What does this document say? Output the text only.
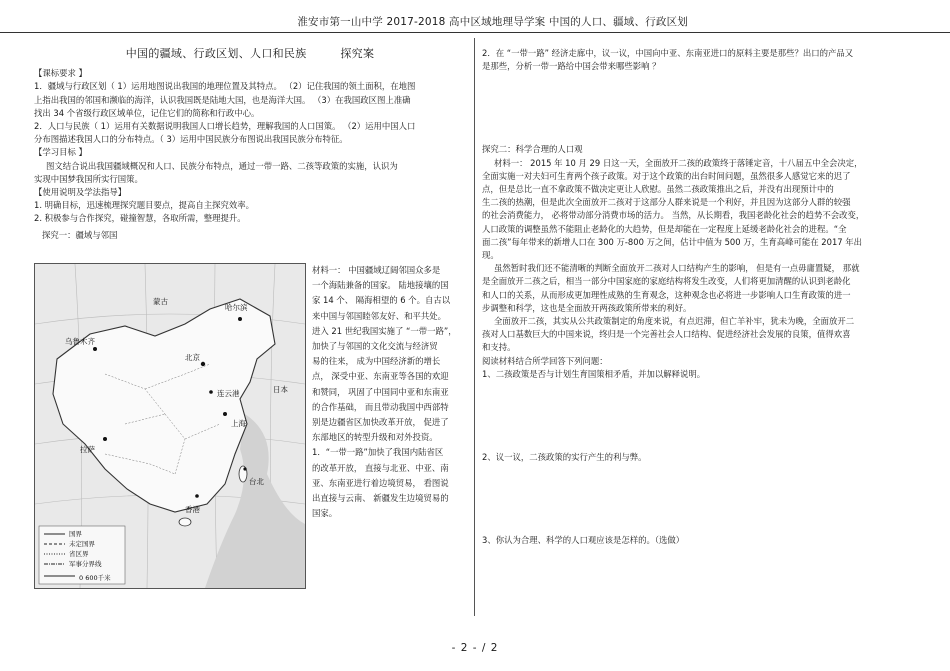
淮安市第一山中学 2017-2018 高中区域地理导学案 中国的人口、疆域、行政区划

中国的疆域、行政区划、人口和民族	探究案

【课标要求 】

1．疆域与行政区划（ 1）运用地图说出我国的地理位置及其特点。 （2）记住我国的领土面积，在地图

上指出我国的邻国和濒临的海洋，认识我国既是陆地大国，也是海洋大国。 （3）在我国政区图上准确

找出 34 个省级行政区域单位，记住它们的简称和行政中心。

2．人口与民族（ 1）运用有关数据说明我国人口增长趋势，理解我国的人口国策。 （2）运用中国人口

分布图描述我国人口的分布特点。（ 3）运用中国民族分布图说出我国民族分布特征。

【学习目标 】

图文结合说出我国疆域概况和人口、民族分布特点，通过一带一路、二孩等政策的实施，认识为

实现中国梦我国所实行国策。

【使用说明及学法指导】

1. 明确目标，迅速梳理探究题目要点，提高自主探究效率。

2. 积极参与合作探究，碰撞智慧，各取所需，整理提升。

探究一：疆域与邻国

乌鲁木齐
哈尔滨
北京
拉萨
上海
香港
连云港
台北
日本
蒙古
国界
未定国界
省区界
军事分界线
0 600千米

材料一： 中国疆域辽阔邻国众多是

一个海陆兼备的国家。 陆地接壤的国

家 14 个、 隔海相望的 6 个。自古以

来中国与邻国睦邻友好、和平共处。

进入 21 世纪我国实施了 “一带一路”，

加快了与邻国的文化交流与经济贸

易的往来， 成为中国经济新的增长

点， 深受中亚、东南亚等各国的欢迎

和赞同， 巩固了中国同中亚和东南亚

的合作基础， 而且带动我国中西部特

别是边疆省区加快改革开放， 促进了

东部地区的转型升级和对外投资。

1．“一带一路”加快了我国内陆省区

的改革开放， 直接与北亚、中亚、南

亚、东南亚进行着边境贸易， 看图说

出直接与云南、 新疆发生边境贸易的

国家。

2．在 “一带一路” 经济走廊中，议一议，中国向中亚、东南亚进口的原料主要是那些？出口的产品又

是那些，分析一带一路给中国会带来哪些影响 ？

探究二：科学合理的人口观

材料一： 2015 年 10 月 29 日这一天，全面放开二孩的政策终于落锤定音，十八届五中全会决定，

全面实施一对夫妇可生育两个孩子政策。对于这个政策的出台时间问题，虽然很多人感觉它来的迟了

点，但是总比一直不拿政策不做决定更让人欣慰。虽然二孩政策推出之后，并没有出现预计中的

生二孩的热潮，但是此次全面放开二孩对于这部分人群来说是一个利好，并且因为这部分人群的较强

的社会消费能力， 必将带动部分消费市场的活力。 当然，从长期看，我国老龄化社会的趋势不会改变，

人口政策的调整虽然不能阻止老龄化的大趋势，但是却能在一定程度上延缓老龄化社会的进程。“全

面二孩”每年带来的新增人口在 300 万-800 万之间，估计中值为 500 万，生育高峰可能在 2017 年出

现。

虽然暂时我们还不能清晰的判断全面放开二孩对人口结构产生的影响， 但是有一点毋庸置疑， 那就

是全面放开二孩之后，相当一部分中国家庭的家庭结构将发生改变，人们将更加清醒的认识到老龄化

和人口的关系，从而形成更加理性成熟的生育观念，这种观念也必将进一步影响人口生育政策的进一

步调整和科学，这也是全面放开两孩政策所带来的利好。

全面放开二孩，其实从公共政策制定的角度来说，有点迟滞，但亡羊补牢，犹未为晚，全面放开二

孩对人口基数巨大的中国来说，终归是一个完善社会人口结构、促进经济社会发展的良策，值得欢喜

和支持。

阅读材料结合所学回答下列问题：

1、二孩政策是否与计划生育国策相矛盾，并加以解释说明。

2、议一议，二孩政策的实行产生的利与弊。

3、你认为合理、科学的人口观应该是怎样的。（选做）

- 2 - / 2
